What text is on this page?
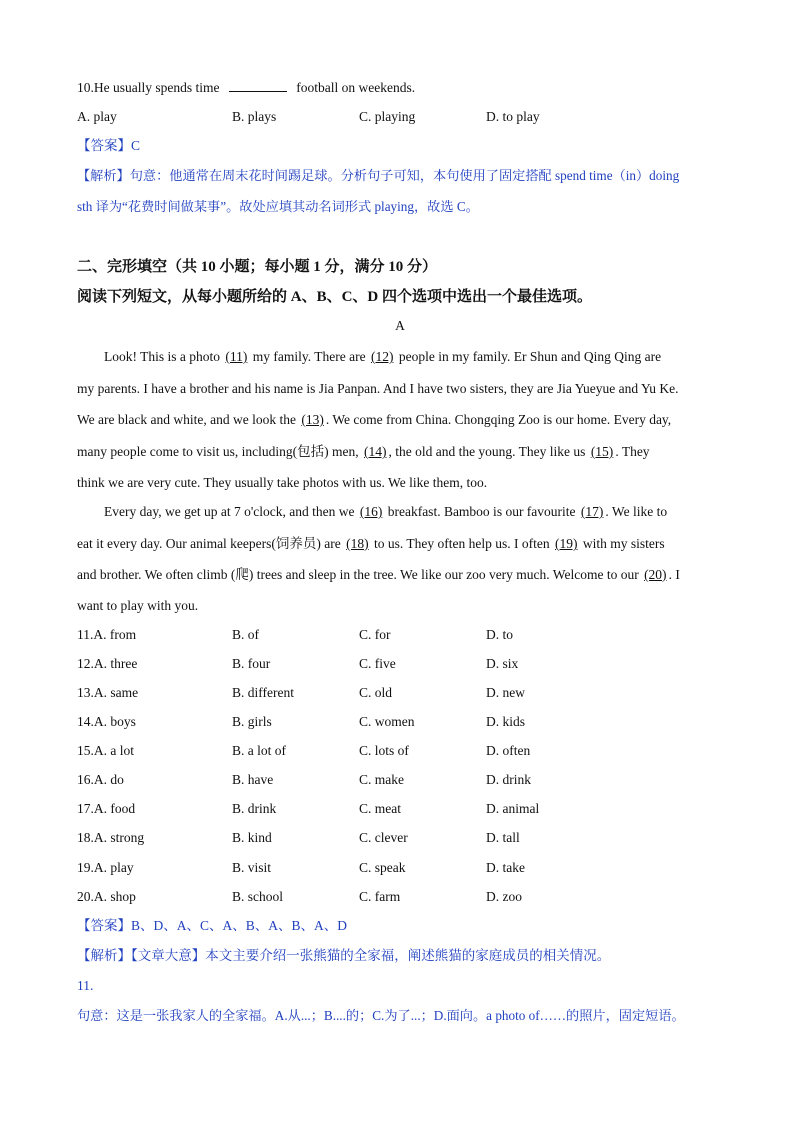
10.He usually spends time	football on weekends.
A. play	B. plays	C. playing	D. to play
【答案】C
【解析】句意：他通常在周末花时间踢足球。分析句子可知，本句使用了固定搭配 spend time（in）doing
sth 译为“花费时间做某事”。故处应填其动名词形式 playing，故选 C。
二、完形填空（共 10 小题；每小题 1 分，满分 10 分）
阅读下列短文，从每小题所给的 A、B、C、D 四个选项中选出一个最佳选项。
A
Look! This is a photo (11) my family. There are (12) people in my family. Er Shun and Qing Qing are
my parents. I have a brother and his name is Jia Panpan. And I have two sisters, they are Jia Yueyue and Yu Ke.
We are black and white, and we look the (13). We come from China. Chongqing Zoo is our home. Every day,
many people come to visit us, including(包括) men, (14), the old and the young. They like us (15). They
think we are very cute. They usually take photos with us. We like them, too.
Every day, we get up at 7 o'clock, and then we (16) breakfast. Bamboo is our favourite (17). We like to
eat it every day. Our animal keepers(饲养员) are (18) to us. They often help us. I often (19) with my sisters
and brother. We often climb (爬) trees and sleep in the tree. We like our zoo very much. Welcome to our (20). I
want to play with you.
11.A. from	B. of	C. for	D. to
12.A. three	B. four	C. five	D. six
13.A. same	B. different	C. old	D. new
14.A. boys	B. girls	C. women	D. kids
15.A. a lot	B. a lot of	C. lots of	D. often
16.A. do	B. have	C. make	D. drink
17.A. food	B. drink	C. meat	D. animal
18.A. strong	B. kind	C. clever	D. tall
19.A. play	B. visit	C. speak	D. take
20.A. shop	B. school	C. farm	D. zoo
【答案】B、D、A、C、A、B、A、B、A、D
【解析】【文章大意】本文主要介绍一张熊猫的全家福，阐述熊猫的家庭成员的相关情况。
11.
句意：这是一张我家人的全家福。A.从...；B....的；C.为了...；D.面向。a photo of……的照片，固定短语。
